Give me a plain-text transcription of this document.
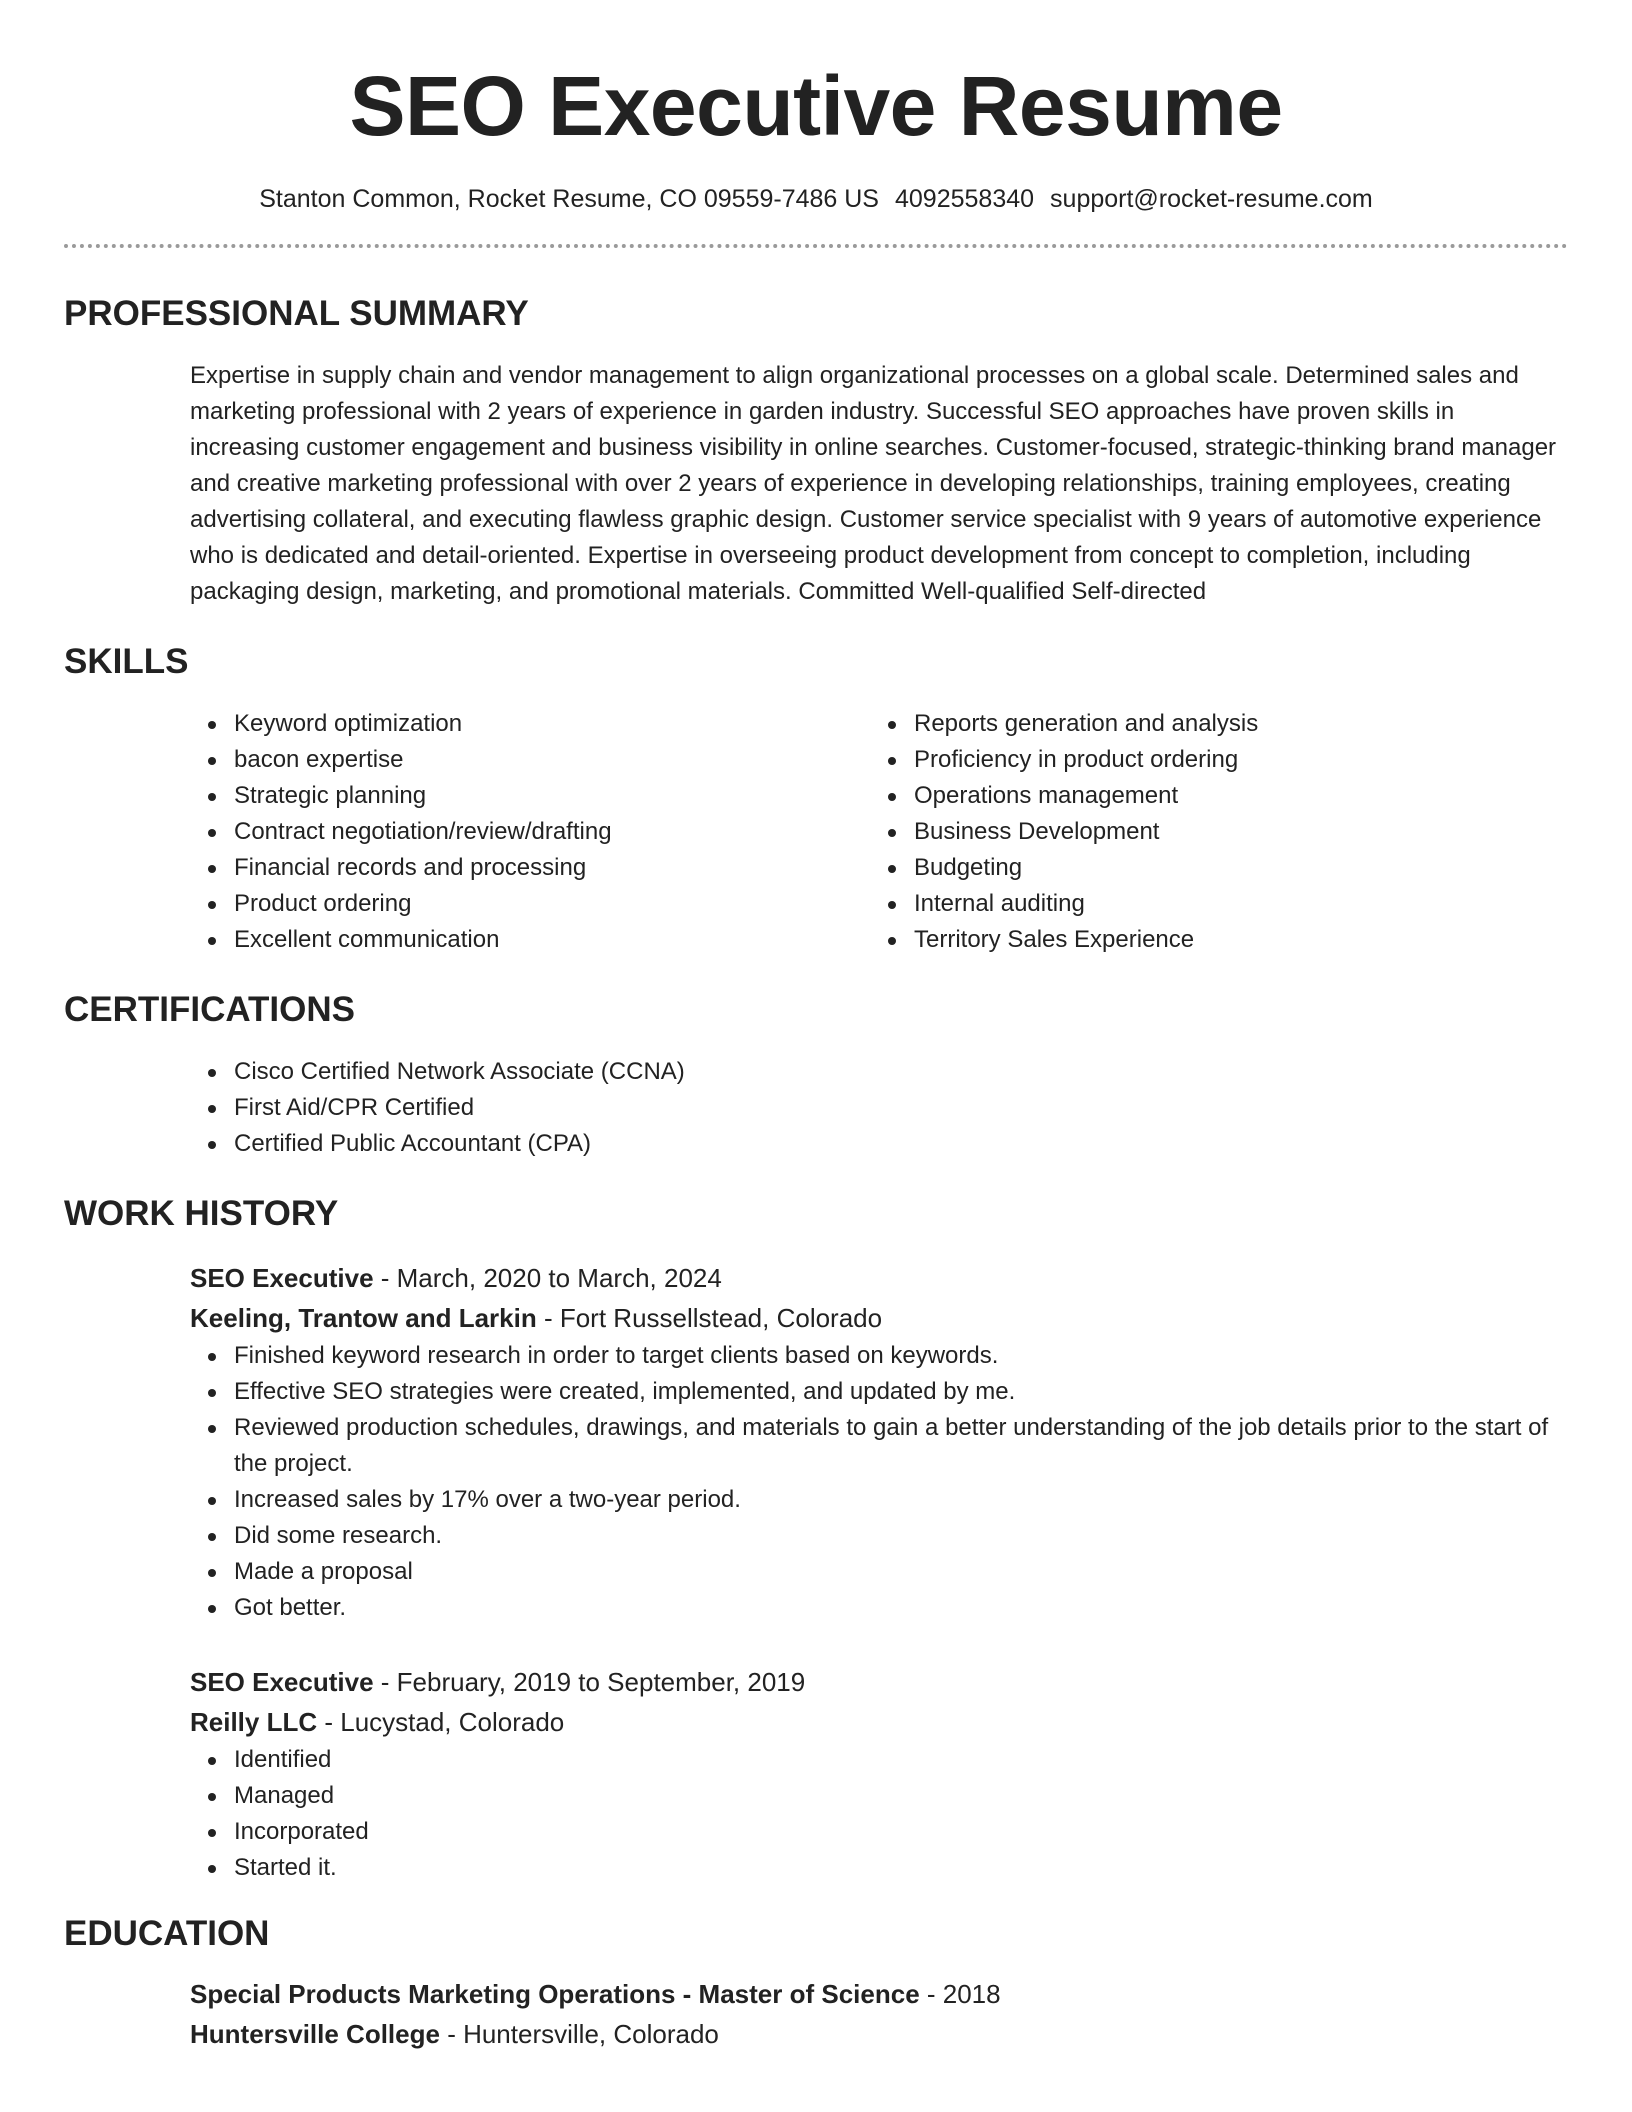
SEO Executive Resume
Stanton Common, Rocket Resume, CO 09559-7486 US 4092558340 support@rocket-resume.com
PROFESSIONAL SUMMARY

Expertise in supply chain and vendor management to align organizational processes on a global scale. Determined sales and marketing professional with 2 years of experience in garden industry. Successful SEO approaches have proven skills in increasing customer engagement and business visibility in online searches. Customer-focused, strategic-thinking brand manager and creative marketing professional with over 2 years of experience in developing relationships, training employees, creating advertising collateral, and executing flawless graphic design. Customer service specialist with 9 years of automotive experience who is dedicated and detail-oriented. Expertise in overseeing product development from concept to completion, including packaging design, marketing, and promotional materials. Committed Well-qualified Self-directed

SKILLS
Keyword optimization
bacon expertise
Strategic planning
Contract negotiation/review/drafting
Financial records and processing
Product ordering
Excellent communication
Reports generation and analysis
Proficiency in product ordering
Operations management
Business Development
Budgeting
Internal auditing
Territory Sales Experience
CERTIFICATIONS
Cisco Certified Network Associate (CCNA)
First Aid/CPR Certified
Certified Public Accountant (CPA)
WORK HISTORY
SEO Executive - March, 2020 to March, 2024
Keeling, Trantow and Larkin - Fort Russellstead, Colorado
Finished keyword research in order to target clients based on keywords.
Effective SEO strategies were created, implemented, and updated by me.
Reviewed production schedules, drawings, and materials to gain a better understanding of the job details prior to the start of the project.
Increased sales by 17% over a two-year period.
Did some research.
Made a proposal
Got better.
SEO Executive - February, 2019 to September, 2019
Reilly LLC - Lucystad, Colorado
Identified
Managed
Incorporated
Started it.
EDUCATION
Special Products Marketing Operations - Master of Science - 2018
Huntersville College - Huntersville, Colorado
